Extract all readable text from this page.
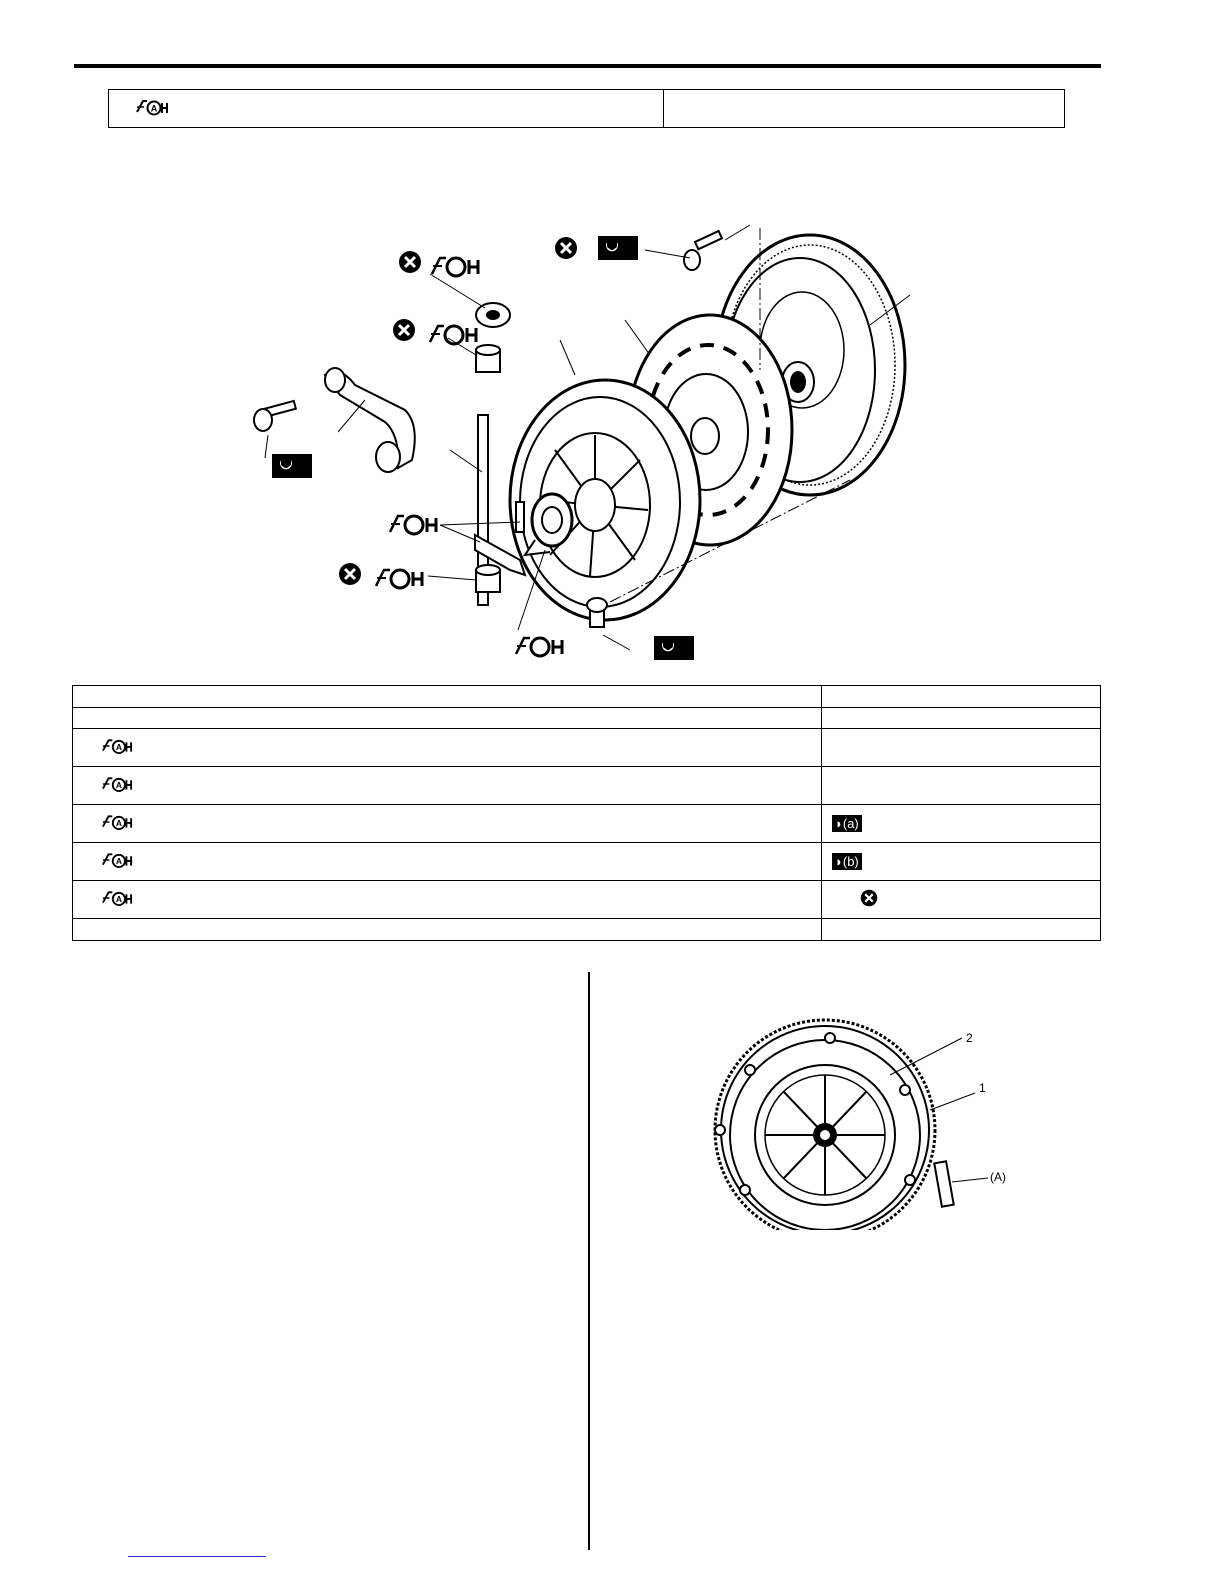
A

A	

A	

A	◗(a)

A	◗(b)

A

2
1
(A)
